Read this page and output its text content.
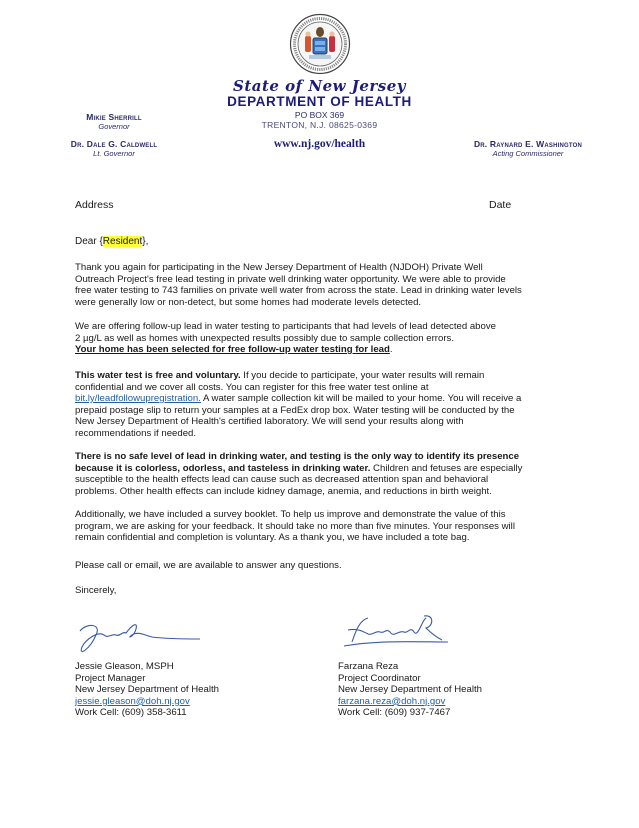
State of New Jersey
DEPARTMENT OF HEALTH
PO BOX 369
TRENTON, N.J. 08625-0369
www.nj.gov/health
Mikie Sherrill
Governor
Dr. Dale G. Caldwell
Lt. Governor
Dr. Raynard E. Washington
Acting Commissioner
Address	Date
Dear {Resident},
Thank you again for participating in the New Jersey Department of Health (NJDOH) Private Well
Outreach Project's free lead testing in private well drinking water opportunity. We were able to provide
free water testing to 743 families on private well water from across the state. Lead in drinking water levels
were generally low or non-detect, but some homes had moderate levels detected.
We are offering follow-up lead in water testing to participants that had levels of lead detected above
2 µg/L as well as homes with unexpected results possibly due to sample collection errors.
Your home has been selected for free follow-up water testing for lead.
This water test is free and voluntary. If you decide to participate, your water results will remain
confidential and we cover all costs. You can register for this free water test online at
bit.ly/leadfollowupregistration. A water sample collection kit will be mailed to your home. You will receive a
prepaid postage slip to return your samples at a FedEx drop box. Water testing will be conducted by the
New Jersey Department of Health's certified laboratory. We will send your results along with
recommendations if needed.
There is no safe level of lead in drinking water, and testing is the only way to identify its presence
because it is colorless, odorless, and tasteless in drinking water. Children and fetuses are especially
susceptible to the health effects lead can cause such as decreased attention span and behavioral
problems. Other health effects can include kidney damage, anemia, and reductions in birth weight.
Additionally, we have included a survey booklet. To help us improve and demonstrate the value of this
program, we are asking for your feedback. It should take no more than five minutes. Your responses will
remain confidential and completion is voluntary. As a thank you, we have included a tote bag.
Please call or email, we are available to answer any questions.
Sincerely,
Jessie Gleason, MSPH
Project Manager
New Jersey Department of Health
jessie.gleason@doh.nj.gov
Work Cell: (609) 358-3611
Farzana Reza
Project Coordinator
New Jersey Department of Health
farzana.reza@doh.nj.gov
Work Cell: (609) 937-7467
